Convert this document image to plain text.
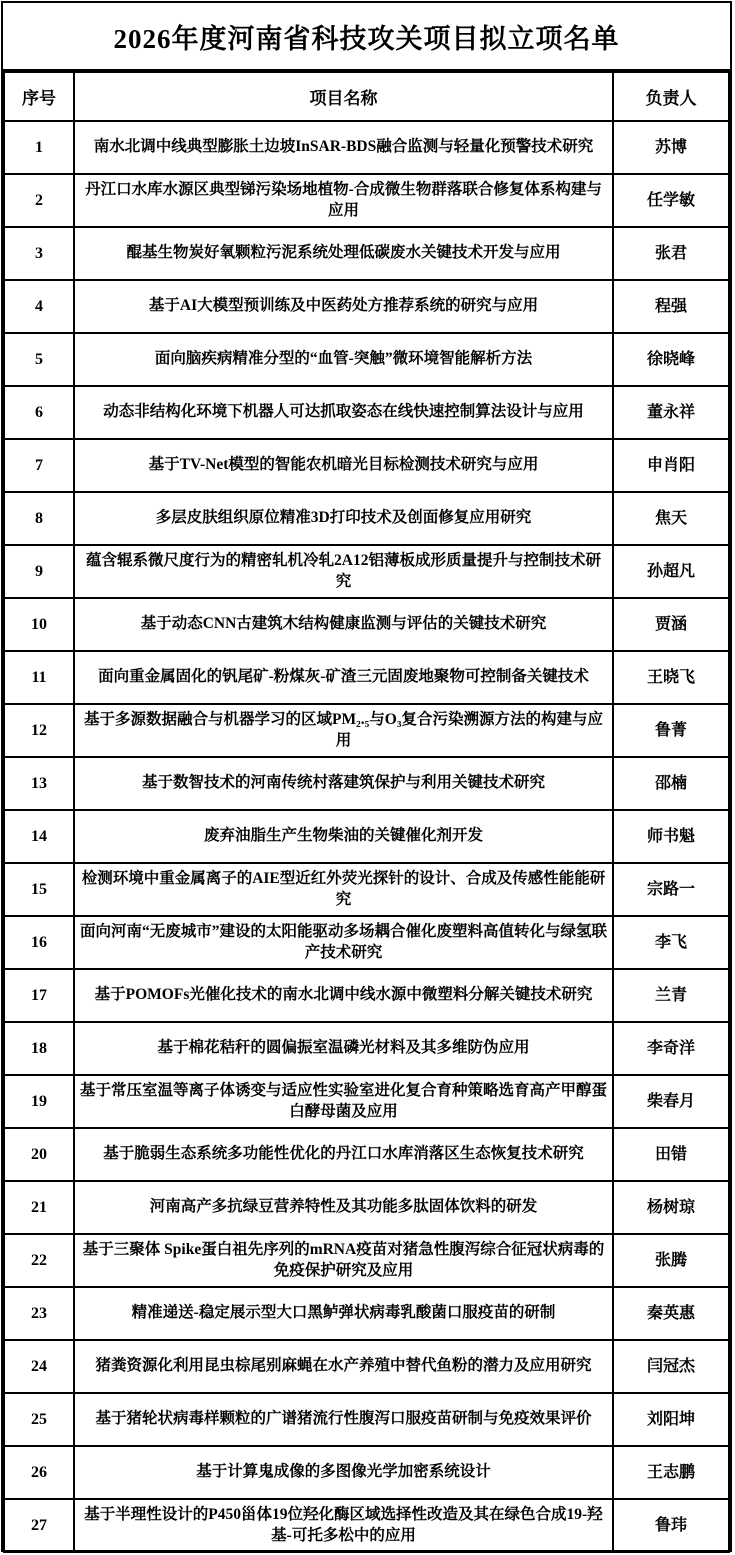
2026年度河南省科技攻关项目拟立项名单
序号	项目名称	负责人
1	南水北调中线典型膨胀土边坡InSAR-BDS融合监测与轻量化预警技术研究	苏博
2	丹江口水库水源区典型锑污染场地植物-合成微生物群落联合修复体系构建与应用	任学敏
3	醌基生物炭好氧颗粒污泥系统处理低碳废水关键技术开发与应用	张君
4	基于AI大模型预训练及中医药处方推荐系统的研究与应用	程强
5	面向脑疾病精准分型的“血管-突触”微环境智能解析方法	徐晓峰
6	动态非结构化环境下机器人可达抓取姿态在线快速控制算法设计与应用	董永祥
7	基于TV-Net模型的智能农机暗光目标检测技术研究与应用	申肖阳
8	多层皮肤组织原位精准3D打印技术及创面修复应用研究	焦天
9	蕴含辊系微尺度行为的精密轧机冷轧2A12铝薄板成形质量提升与控制技术研究	孙超凡
10	基于动态CNN古建筑木结构健康监测与评估的关键技术研究	贾涵
11	面向重金属固化的钒尾矿-粉煤灰-矿渣三元固废地聚物可控制备关键技术	王晓飞
12	基于多源数据融合与机器学习的区域PM₂.₅与O₃复合污染溯源方法的构建与应用	鲁菁
13	基于数智技术的河南传统村落建筑保护与利用关键技术研究	邵楠
14	废弃油脂生产生物柴油的关键催化剂开发	师书魁
15	检测环境中重金属离子的AIE型近红外荧光探针的设计、合成及传感性能能研究	宗路一
16	面向河南“无废城市”建设的太阳能驱动多场耦合催化废塑料高值转化与绿氢联产技术研究	李飞
17	基于POMOFs光催化技术的南水北调中线水源中微塑料分解关键技术研究	兰青
18	基于棉花秸秆的圆偏振室温磷光材料及其多维防伪应用	李奇洋
19	基于常压室温等离子体诱变与适应性实验室进化复合育种策略选育高产甲醇蛋白酵母菌及应用	柴春月
20	基于脆弱生态系统多功能性优化的丹江口水库消落区生态恢复技术研究	田错
21	河南高产多抗绿豆营养特性及其功能多肽固体饮料的研发	杨树琼
22	基于三聚体 Spike蛋白祖先序列的mRNA疫苗对猪急性腹泻综合征冠状病毒的免疫保护研究及应用	张腾
23	精准递送-稳定展示型大口黑鲈弹状病毒乳酸菌口服疫苗的研制	秦英惠
24	猪粪资源化利用昆虫棕尾别麻蝇在水产养殖中替代鱼粉的潜力及应用研究	闫冠杰
25	基于猪轮状病毒样颗粒的广谱猪流行性腹泻口服疫苗研制与免疫效果评价	刘阳坤
26	基于计算鬼成像的多图像光学加密系统设计	王志鹏
27	基于半理性设计的P450甾体19位羟化酶区域选择性改造及其在绿色合成19-羟基-可托多松中的应用	鲁玮
